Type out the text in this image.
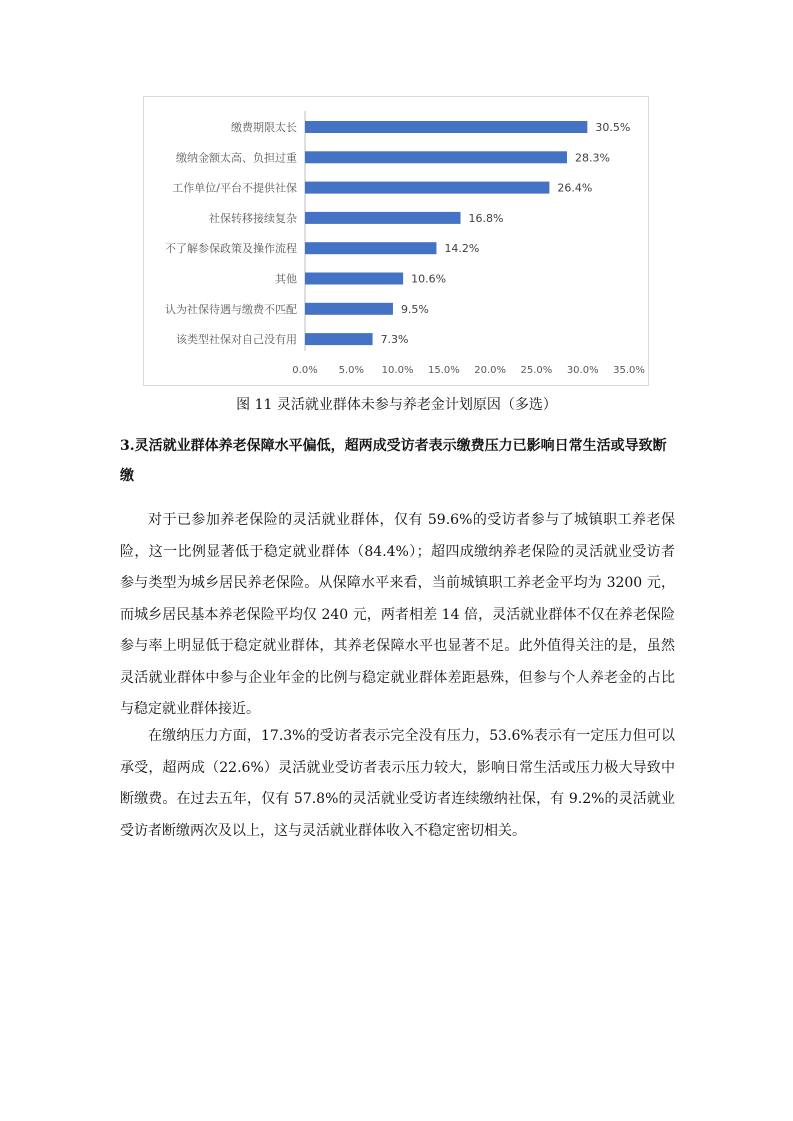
缴费期限太长	30.5%
缴纳金额太高、负担过重	28.3%
工作单位/平台不提供社保	26.4%
社保转移接续复杂	16.8%
不了解参保政策及操作流程	14.2%
其他	10.6%
认为社保待遇与缴费不匹配	9.5%
该类型社保对自己没有用	7.3%
0.0% 5.0% 10.0% 15.0% 20.0% 25.0% 30.0% 35.0%
图 11 灵活就业群体未参与养老金计划原因（多选）
3.灵活就业群体养老保障水平偏低，超两成受访者表示缴费压力已影响日常生活或导致断缴
对于已参加养老保险的灵活就业群体，仅有 59.6%的受访者参与了城镇职工养老保险，这一比例显著低于稳定就业群体（84.4%）；超四成缴纳养老保险的灵活就业受访者参与类型为城乡居民养老保险。从保障水平来看，当前城镇职工养老金平均为 3200 元，而城乡居民基本养老保险平均仅 240 元，两者相差 14 倍，灵活就业群体不仅在养老保险参与率上明显低于稳定就业群体，其养老保障水平也显著不足。此外值得关注的是，虽然灵活就业群体中参与企业年金的比例与稳定就业群体差距悬殊，但参与个人养老金的占比与稳定就业群体接近。
在缴纳压力方面，17.3%的受访者表示完全没有压力，53.6%表示有一定压力但可以承受，超两成（22.6%）灵活就业受访者表示压力较大，影响日常生活或压力极大导致中断缴费。在过去五年，仅有 57.8%的灵活就业受访者连续缴纳社保，有 9.2%的灵活就业受访者断缴两次及以上，这与灵活就业群体收入不稳定密切相关。
